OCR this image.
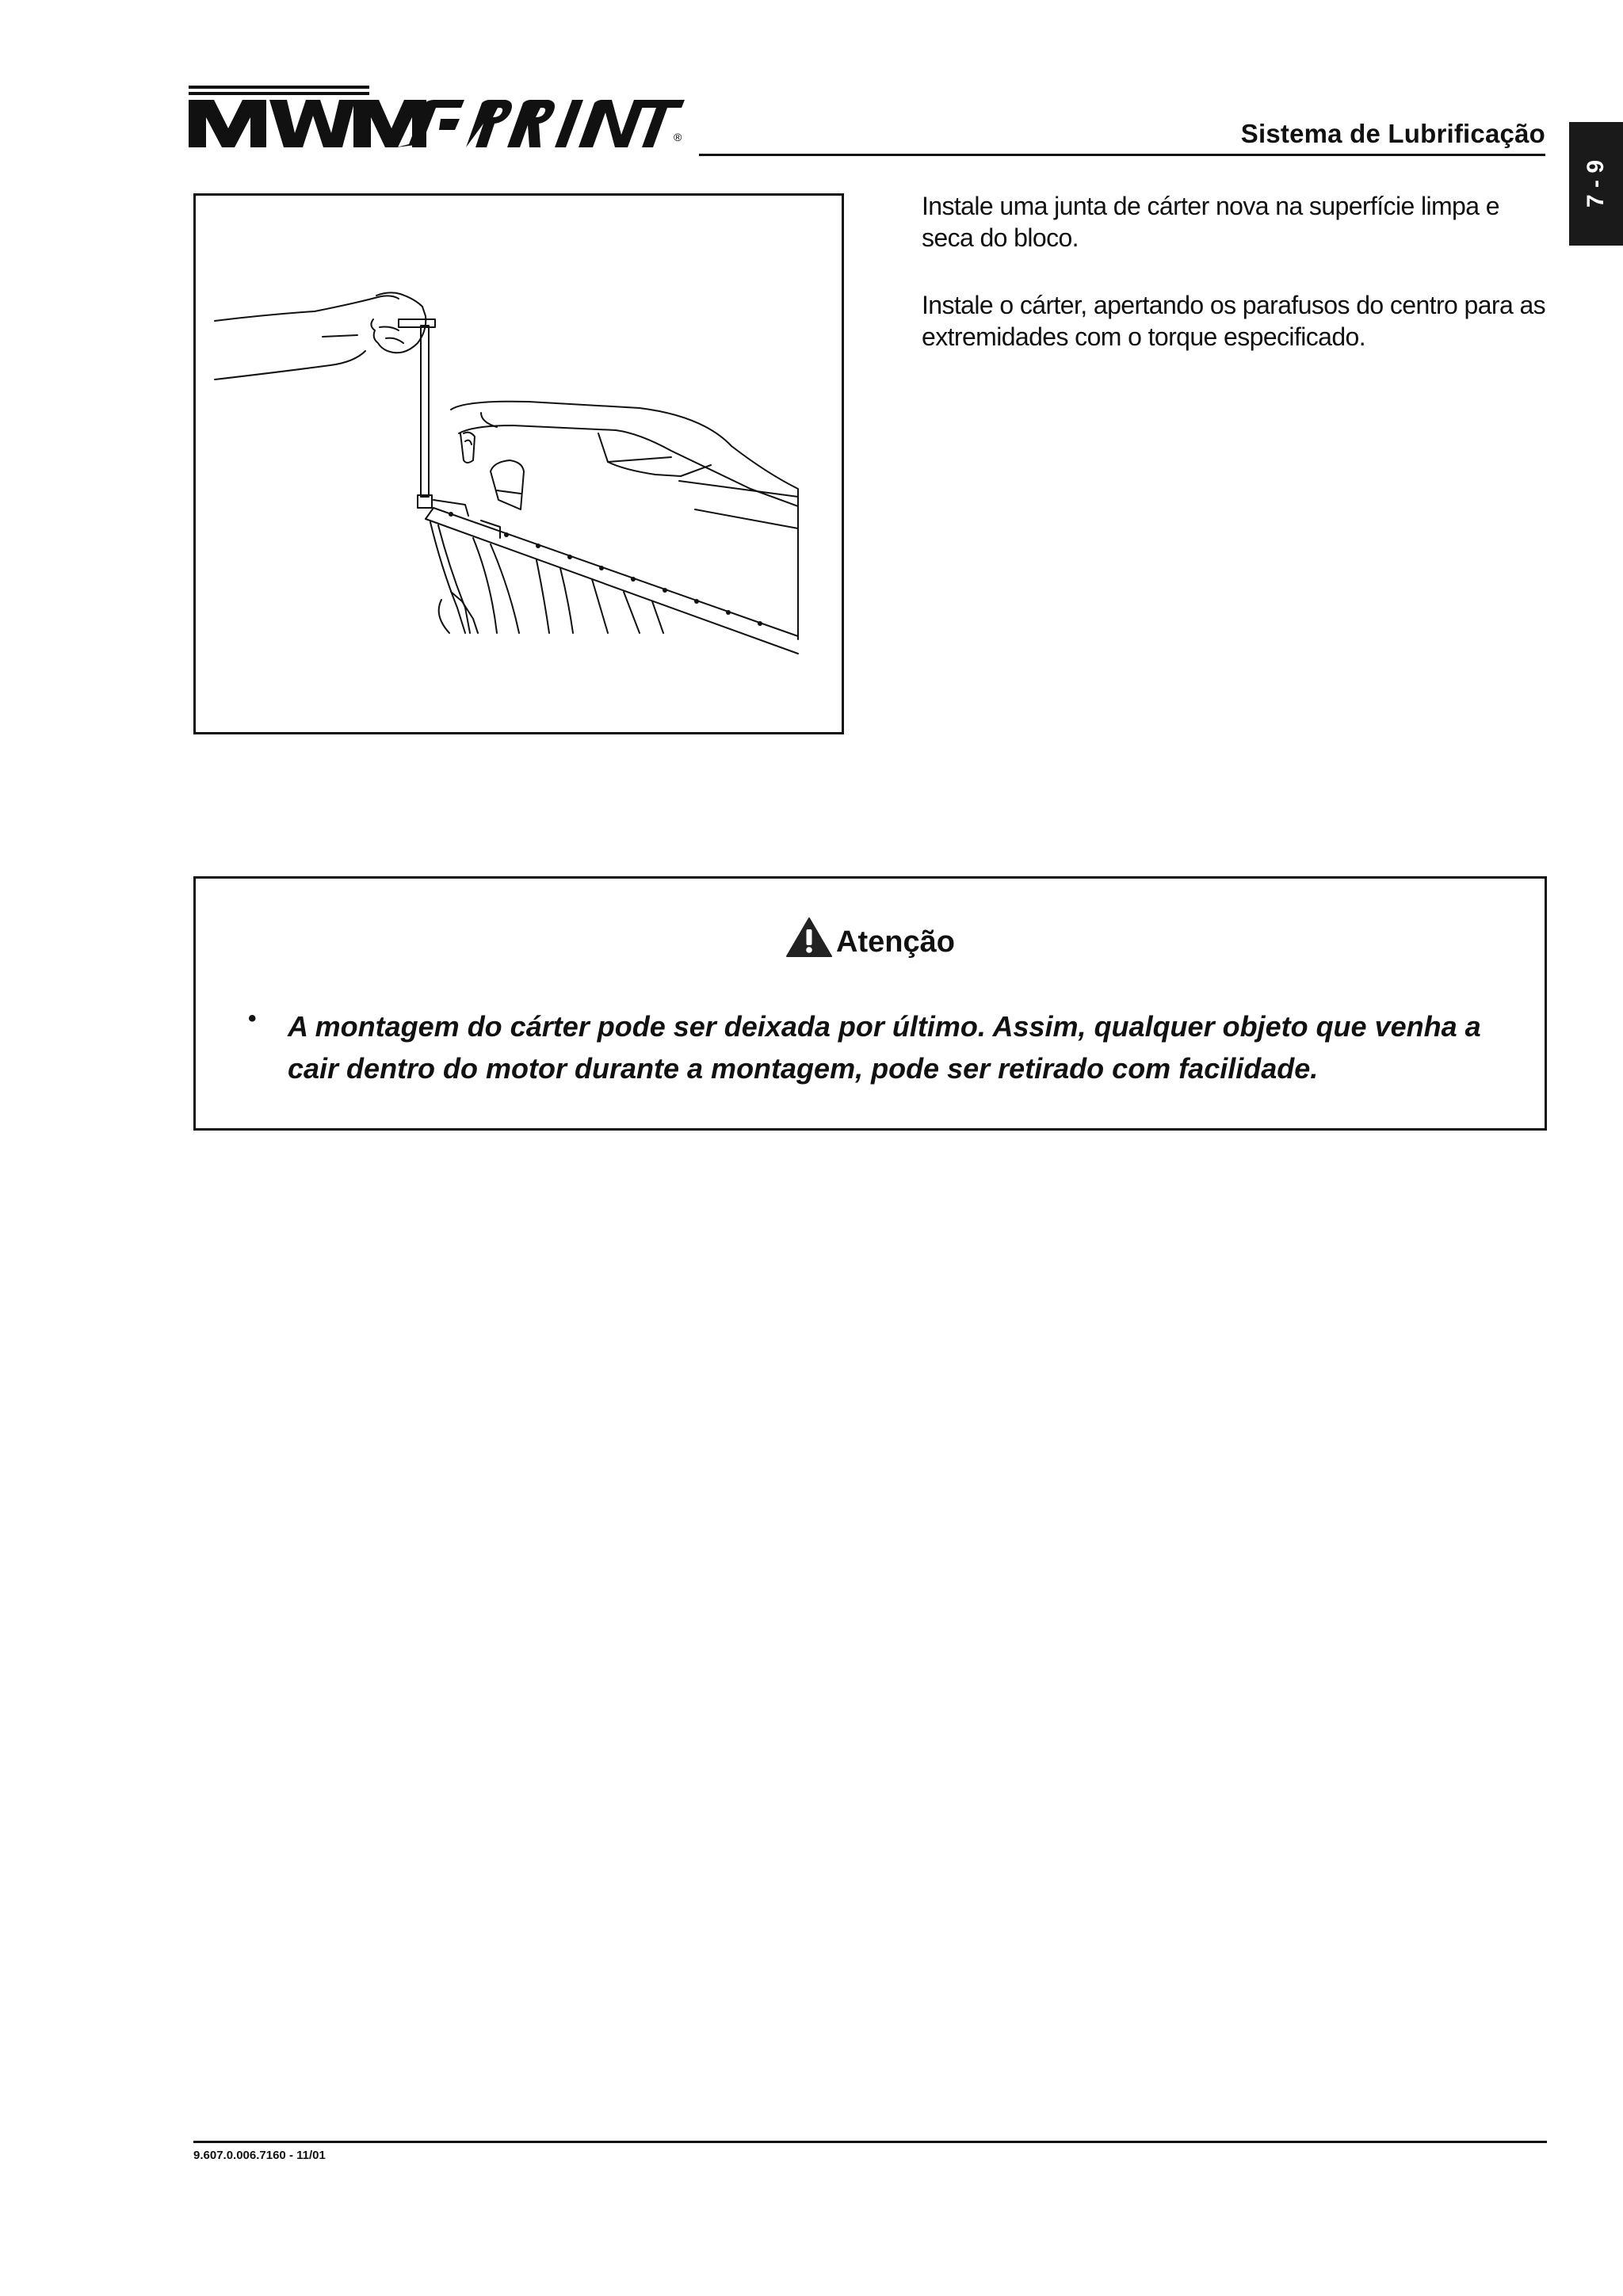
®	Sistema de Lubrificação
7 - 9

Instale uma junta de cárter nova na superfície limpa e seca do bloco.

Instale o cárter, apertando os parafusos do centro para as extremidades com o torque especificado.

Atenção
• A montagem do cárter pode ser deixada por último. Assim, qualquer objeto que venha a cair dentro do motor durante a montagem, pode ser retirado com facilidade.

9.607.0.006.7160 - 11/01
